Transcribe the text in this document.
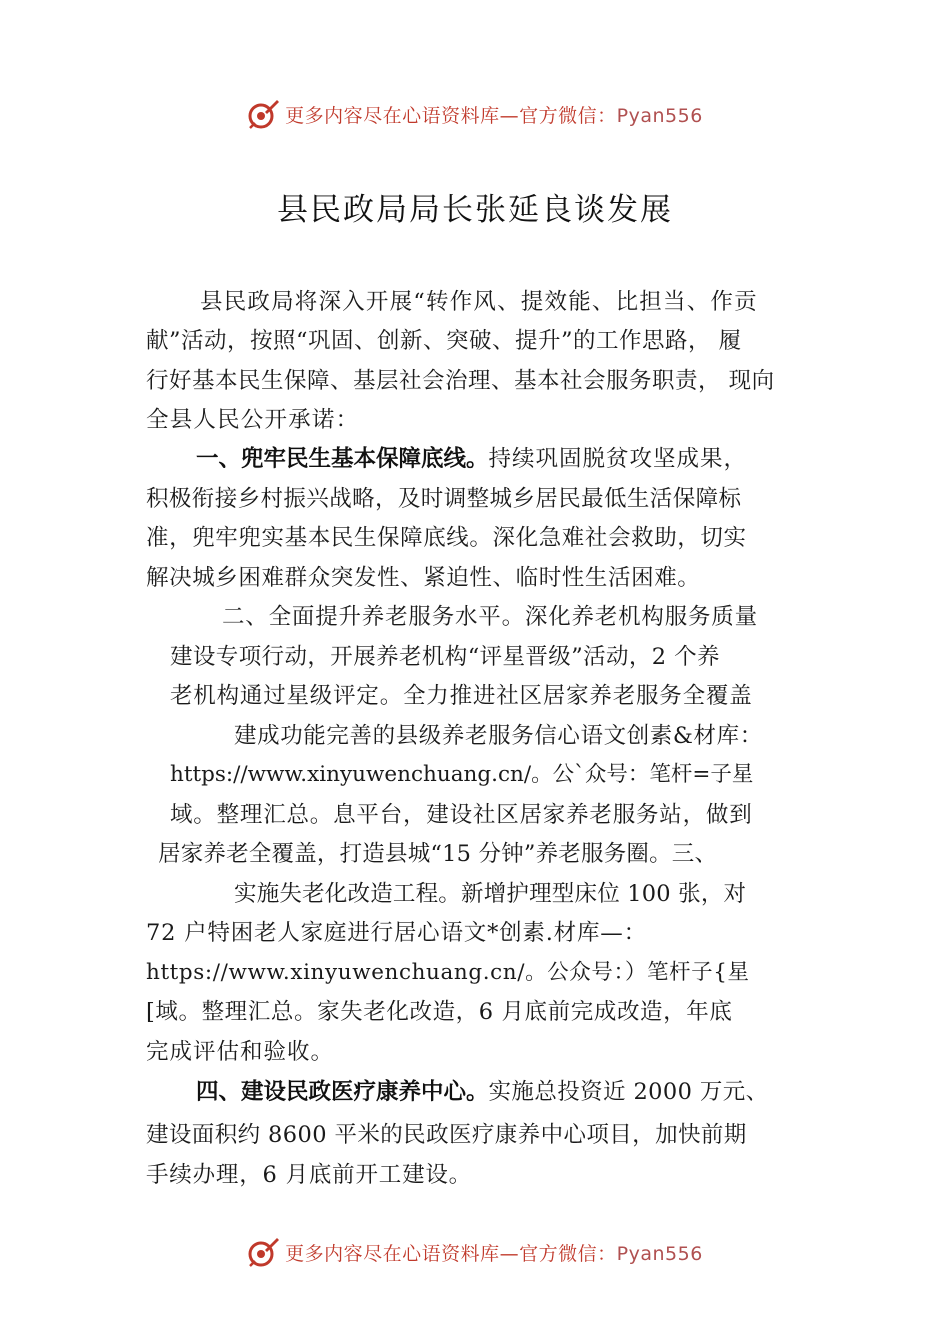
更多内容尽在心语资料库—官方微信：Pyan556
县民政局局长张延良谈发展
县民政局将深入开展“转作风、提效能、比担当、作贡
献”活动，按照“巩固、创新、突破、提升”的工作思路， 履
行好基本民生保障、基层社会治理、基本社会服务职责， 现向
全县人民公开承诺：
一、兜牢民生基本保障底线。持续巩固脱贫攻坚成果，
积极衔接乡村振兴战略，及时调整城乡居民最低生活保障标
准，兜牢兜实基本民生保障底线。深化急难社会救助，切实
解决城乡困难群众突发性、紧迫性、临时性生活困难。
二、全面提升养老服务水平。深化养老机构服务质量
建设专项行动，开展养老机构“评星晋级”活动，2 个养
老机构通过星级评定。全力推进社区居家养老服务全覆盖
建成功能完善的县级养老服务信心语文创素&材库：
https://www.xinyuwenchuang.cn/。公`众号：笔杆=子星
域。整理汇总。息平台，建设社区居家养老服务站，做到
居家养老全覆盖，打造县城“15 分钟”养老服务圈。三、
实施失老化改造工程。新增护理型床位 100 张，对
72 户特困老人家庭进行居心语文*创素.材库—：
https://www.xinyuwenchuang.cn/。公众号：）笔杆子{星
[域。整理汇总。家失老化改造，6 月底前完成改造，年底
完成评估和验收。
四、建设民政医疗康养中心。实施总投资近 2000 万元、
建设面积约 8600 平米的民政医疗康养中心项目，加快前期
手续办理，6 月底前开工建设。
更多内容尽在心语资料库—官方微信：Pyan556
